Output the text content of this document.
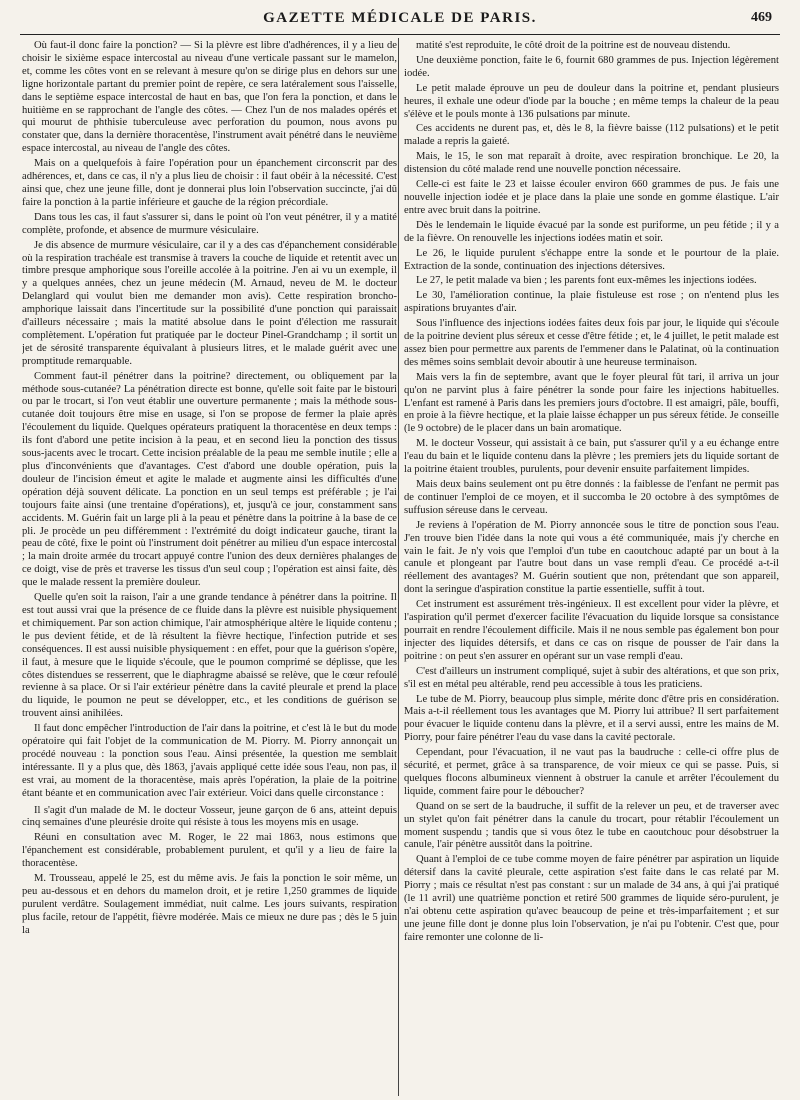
GAZETTE MÉDICALE DE PARIS.	469

Où faut-il donc faire la ponction? — Si la plèvre est libre d'adhérences, il y a lieu de choisir le sixième espace intercostal au niveau d'une verticale passant sur le mamelon, et, comme les côtes vont en se relevant à mesure qu'on se dirige plus en dehors sur une ligne horizontale partant du premier point de repère, ce sera latéralement sous l'aisselle, dans le septième espace intercostal de haut en bas, que l'on fera la ponction, et dans le huitième en se rapprochant de l'angle des côtes. — Chez l'un de nos malades opérés et qui mourut de phthisie tuberculeuse avec perforation du poumon, nous avons pu constater que, dans la dernière thoracentèse, l'instrument avait pénétré dans le neuvième espace intercostal, au niveau de l'angle des côtes.

Mais on a quelquefois à faire l'opération pour un épanchement circonscrit par des adhérences, et, dans ce cas, il n'y a plus lieu de choisir : il faut obéir à la nécessité. C'est ainsi que, chez une jeune fille, dont je donnerai plus loin l'observation succincte, j'ai dû faire la ponction à la partie inférieure et gauche de la région précordiale.

Dans tous les cas, il faut s'assurer si, dans le point où l'on veut pénétrer, il y a matité complète, profonde, et absence de murmure vésiculaire.

Je dis absence de murmure vésiculaire, car il y a des cas d'épanchement considérable où la respiration trachéale est transmise à travers la couche de liquide et retentit avec un timbre presque amphorique sous l'oreille accolée à la poitrine. J'en ai vu un exemple, il y a quelques années, chez un jeune médecin (M. Arnaud, neveu de M. le docteur Delanglard qui voulut bien me demander mon avis). Cette respiration broncho-amphorique laissait dans l'incertitude sur la possibilité d'une ponction qui paraissait d'ailleurs nécessaire ; mais la matité absolue dans le point d'élection me rassurait complètement. L'opération fut pratiquée par le docteur Pinel-Grandchamp ; il sortit un jet de sérosité transparente équivalant à plusieurs litres, et le malade guérit avec une promptitude remarquable.

Comment faut-il pénétrer dans la poitrine? directement, ou obliquement par la méthode sous-cutanée? La pénétration directe est bonne, qu'elle soit faite par le bistouri ou par le trocart, si l'on veut établir une ouverture permanente ; mais la méthode sous-cutanée doit toujours être mise en usage, si l'on se propose de fermer la plaie après l'écoulement du liquide. Quelques opérateurs pratiquent la thoracentèse en deux temps : ils font d'abord une petite incision à la peau, et en second lieu la ponction des tissus sous-jacents avec le trocart. Cette incision préalable de la peau me semble inutile ; elle a plus d'inconvénients que d'avantages. C'est d'abord une double opération, puis la douleur de l'incision émeut et agite le malade et augmente ainsi les difficultés d'une opération déjà souvent délicate. La ponction en un seul temps est préférable ; je l'ai toujours faite ainsi (une trentaine d'opérations), et, jusqu'à ce jour, constamment sans accidents. M. Guérin fait un large pli à la peau et pénètre dans la poitrine à la base de ce pli. Je procède un peu différemment : l'extrémité du doigt indicateur gauche, tirant la peau de côté, fixe le point où l'instrument doit pénétrer au milieu d'un espace intercostal ; la main droite armée du trocart appuyé contre l'union des deux dernières phalanges de ce doigt, vise de près et traverse les tissus d'un seul coup ; l'opération est ainsi faite, dès que le malade ressent la première douleur.

Quelle qu'en soit la raison, l'air a une grande tendance à pénétrer dans la poitrine. Il est tout aussi vrai que la présence de ce fluide dans la plèvre est nuisible physiquement et chimiquement. Par son action chimique, l'air atmosphérique altère le liquide contenu ; le pus devient fétide, et de là résultent la fièvre hectique, l'infection putride et ses conséquences. Il est aussi nuisible physiquement : en effet, pour que la guérison s'opère, il faut, à mesure que le liquide s'écoule, que le poumon comprimé se déplisse, que les côtes distendues se resserrent, que le diaphragme abaissé se relève, que le cœur refoulé revienne à sa place. Or si l'air extérieur pénètre dans la cavité pleurale et prend la place du liquide, le poumon ne peut se développer, etc., et les conditions de guérison se trouvent ainsi anihilées.

Il faut donc empêcher l'introduction de l'air dans la poitrine, et c'est là le but du mode opératoire qui fait l'objet de la communication de M. Piorry. M. Piorry annonçait un procédé nouveau : la ponction sous l'eau. Ainsi présentée, la question me semblait intéressante. Il y a plus que, dès 1863, j'avais appliqué cette idée sous l'eau, non pas, il est vrai, au moment de la thoracentèse, mais après l'opération, la plaie de la poitrine étant béante et en communication avec l'air extérieur. Voici dans quelle circonstance :

Il s'agit d'un malade de M. le docteur Vosseur, jeune garçon de 6 ans, atteint depuis cinq semaines d'une pleurésie droite qui résiste à tous les moyens mis en usage.

Réuni en consultation avec M. Roger, le 22 mai 1863, nous estimons que l'épanchement est considérable, probablement purulent, et qu'il y a lieu de faire la thoracentèse.

M. Trousseau, appelé le 25, est du même avis. Je fais la ponction le soir même, un peu au-dessous et en dehors du mamelon droit, et je retire 1,250 grammes de liquide purulent verdâtre. Soulagement immédiat, nuit calme. Les jours suivants, respiration plus facile, retour de l'appétit, fièvre modérée. Mais ce mieux ne dure pas ; dès le 5 juin la

matité s'est reproduite, le côté droit de la poitrine est de nouveau distendu.

Une deuxième ponction, faite le 6, fournit 680 grammes de pus. Injection légèrement iodée.

Le petit malade éprouve un peu de douleur dans la poitrine et, pendant plusieurs heures, il exhale une odeur d'iode par la bouche ; en même temps la chaleur de la peau s'élève et le pouls monte à 136 pulsations par minute.

Ces accidents ne durent pas, et, dès le 8, la fièvre baisse (112 pulsations) et le petit malade a repris la gaieté.

Mais, le 15, le son mat reparaît à droite, avec respiration bronchique. Le 20, la distension du côté malade rend une nouvelle ponction nécessaire.

Celle-ci est faite le 23 et laisse écouler environ 660 grammes de pus. Je fais une nouvelle injection iodée et je place dans la plaie une sonde en gomme élastique. L'air entre avec bruit dans la poitrine.

Dès le lendemain le liquide évacué par la sonde est puriforme, un peu fétide ; il y a de la fièvre. On renouvelle les injections iodées matin et soir.

Le 26, le liquide purulent s'échappe entre la sonde et le pourtour de la plaie. Extraction de la sonde, continuation des injections détersives.

Le 27, le petit malade va bien ; les parents font eux-mêmes les injections iodées.

Le 30, l'amélioration continue, la plaie fistuleuse est rose ; on n'entend plus les aspirations bruyantes d'air.

Sous l'influence des injections iodées faites deux fois par jour, le liquide qui s'écoule de la poitrine devient plus séreux et cesse d'être fétide ; et, le 4 juillet, le petit malade est assez bien pour permettre aux parents de l'emmener dans le Palatinat, où la continuation des mêmes soins semblait devoir aboutir à une heureuse terminaison.

Mais vers la fin de septembre, avant que le foyer pleural fût tari, il arriva un jour qu'on ne parvint plus à faire pénétrer la sonde pour faire les injections habituelles. L'enfant est ramené à Paris dans les premiers jours d'octobre. Il est amaigri, pâle, bouffi, en proie à la fièvre hectique, et la plaie laisse échapper un pus séreux fétide. Je conseille (le 9 octobre) de le placer dans un bain aromatique.

M. le docteur Vosseur, qui assistait à ce bain, put s'assurer qu'il y a eu échange entre l'eau du bain et le liquide contenu dans la plèvre ; les premiers jets du liquide sortant de la poitrine étaient troubles, purulents, pour devenir ensuite parfaitement limpides.

Mais deux bains seulement ont pu être donnés : la faiblesse de l'enfant ne permit pas de continuer l'emploi de ce moyen, et il succomba le 20 octobre à des symptômes de suffusion séreuse dans le cerveau.

Je reviens à l'opération de M. Piorry annoncée sous le titre de ponction sous l'eau. J'en trouve bien l'idée dans la note qui vous a été communiquée, mais j'y cherche en vain le fait. Je n'y vois que l'emploi d'un tube en caoutchouc adapté par un bout à la canule et plongeant par l'autre bout dans un vase rempli d'eau. Ce procédé a-t-il réellement des avantages? M. Guérin soutient que non, prétendant que son appareil, dont la seringue d'aspiration constitue la partie essentielle, suffit à tout.

Cet instrument est assurément très-ingénieux. Il est excellent pour vider la plèvre, et l'aspiration qu'il permet d'exercer facilite l'évacuation du liquide lorsque sa consistance pourrait en rendre l'écoulement difficile. Mais il ne nous semble pas également bon pour injecter des liquides détersifs, et dans ce cas on risque de pousser de l'air dans la poitrine : on peut s'en assurer en opérant sur un vase rempli d'eau.

C'est d'ailleurs un instrument compliqué, sujet à subir des altérations, et que son prix, s'il est en métal peu altérable, rend peu accessible à tous les praticiens.

Le tube de M. Piorry, beaucoup plus simple, mérite donc d'être pris en considération. Mais a-t-il réellement tous les avantages que M. Piorry lui attribue? Il sert parfaitement pour évacuer le liquide contenu dans la plèvre, et il a servi aussi, entre les mains de M. Piorry, pour faire pénétrer l'eau du vase dans la cavité pectorale.

Cependant, pour l'évacuation, il ne vaut pas la baudruche : celle-ci offre plus de sécurité, et permet, grâce à sa transparence, de voir mieux ce qui se passe. Puis, si quelques flocons albumineux viennent à obstruer la canule et arrêter l'écoulement du liquide, comment faire pour le déboucher?

Quand on se sert de la baudruche, il suffit de la relever un peu, et de traverser avec un stylet qu'on fait pénétrer dans la canule du trocart, pour rétablir l'écoulement un moment suspendu ; tandis que si vous ôtez le tube en caoutchouc pour désobstruer la canule, l'air pénètre aussitôt dans la poitrine.

Quant à l'emploi de ce tube comme moyen de faire pénétrer par aspiration un liquide détersif dans la cavité pleurale, cette aspiration s'est faite dans le cas relaté par M. Piorry ; mais ce résultat n'est pas constant : sur un malade de 34 ans, à qui j'ai pratiqué (le 11 avril) une quatrième ponction et retiré 500 grammes de liquide séro-purulent, je n'ai obtenu cette aspiration qu'avec beaucoup de peine et très-imparfaitement ; et sur une jeune fille dont je donne plus loin l'observation, je n'ai pu l'obtenir. C'est que, pour faire remonter une colonne de li-
